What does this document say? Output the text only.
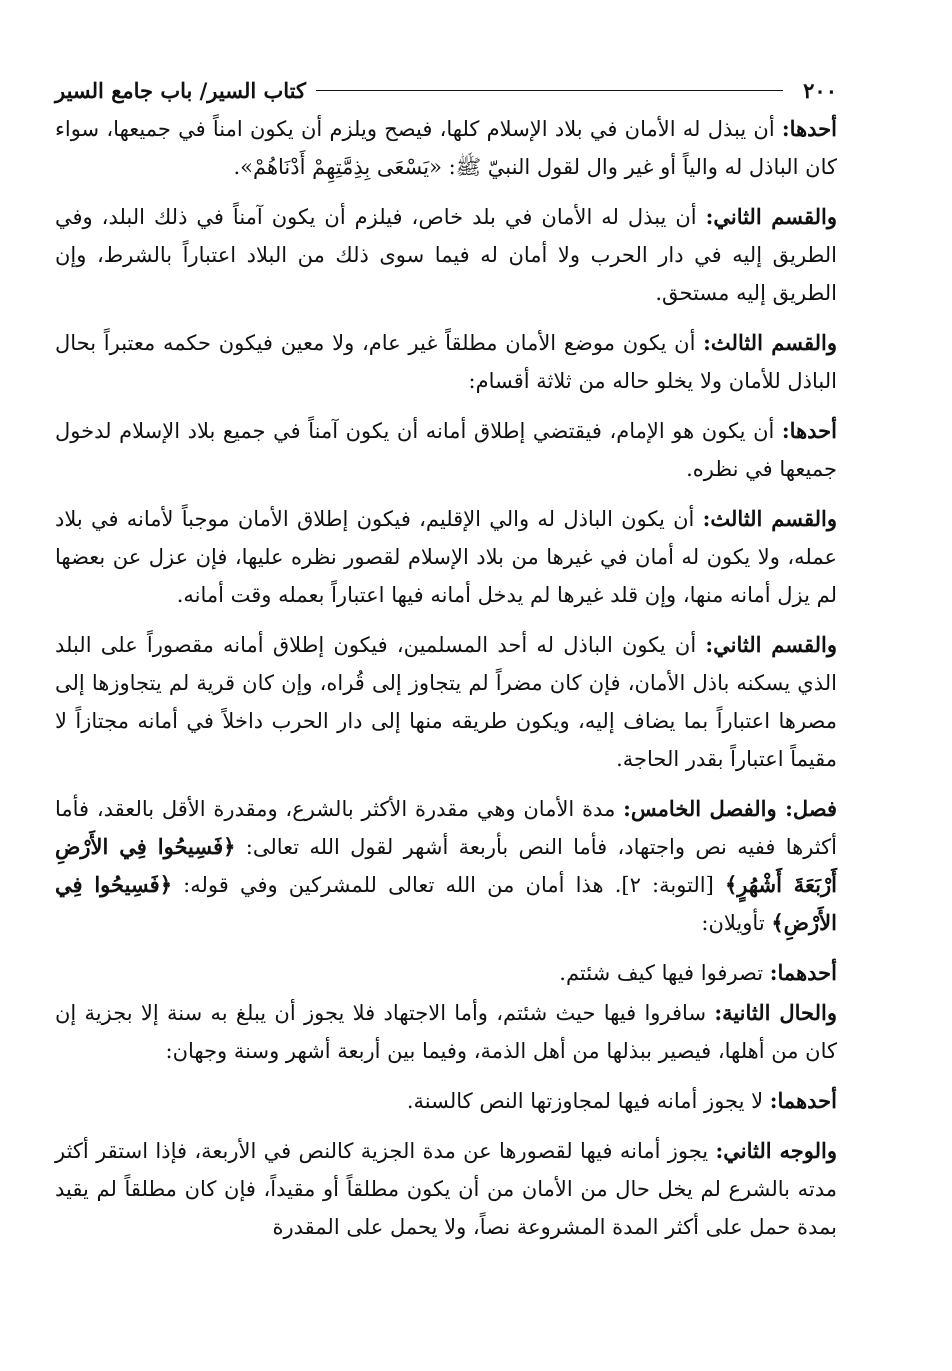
٢٠٠
كتاب السير/ باب جامع السير

أحدها: أن يبذل له الأمان في بلاد الإسلام كلها، فيصح ويلزم أن يكون امناً في جميعها، سواء كان الباذل له والياً أو غير وال لقول النبيّ ﷺ: «يَسْعَى بِذِمَّتِهِمْ أَدْنَاهُمْ».

والقسم الثاني: أن يبذل له الأمان في بلد خاص، فيلزم أن يكون آمناً في ذلك البلد، وفي الطريق إليه في دار الحرب ولا أمان له فيما سوى ذلك من البلاد اعتباراً بالشرط، وإن الطريق إليه مستحق.

والقسم الثالث: أن يكون موضع الأمان مطلقاً غير عام، ولا معين فيكون حكمه معتبراً بحال الباذل للأمان ولا يخلو حاله من ثلاثة أقسام:

أحدها: أن يكون هو الإمام، فيقتضي إطلاق أمانه أن يكون آمناً في جميع بلاد الإسلام لدخول جميعها في نظره.

والقسم الثالث: أن يكون الباذل له والي الإقليم، فيكون إطلاق الأمان موجباً لأمانه في بلاد عمله، ولا يكون له أمان في غيرها من بلاد الإسلام لقصور نظره عليها، فإن عزل عن بعضها لم يزل أمانه منها، وإن قلد غيرها لم يدخل أمانه فيها اعتباراً بعمله وقت أمانه.

والقسم الثاني: أن يكون الباذل له أحد المسلمين، فيكون إطلاق أمانه مقصوراً على البلد الذي يسكنه باذل الأمان، فإن كان مضراً لم يتجاوز إلى قُراه، وإن كان قرية لم يتجاوزها إلى مصرها اعتباراً بما يضاف إليه، ويكون طريقه منها إلى دار الحرب داخلاً في أمانه مجتازاً لا مقيماً اعتباراً بقدر الحاجة.

فصل: والفصل الخامس: مدة الأمان وهي مقدرة الأكثر بالشرع، ومقدرة الأقل بالعقد، فأما أكثرها ففيه نص واجتهاد، فأما النص بأربعة أشهر لقول الله تعالى: ﴿فَسِيحُوا فِي الأَرْضِ أَرْبَعَةَ أَشْهُرٍ﴾ [التوبة: ٢]. هذا أمان من الله تعالى للمشركين وفي قوله: ﴿فَسِيحُوا فِي الأَرْضِ﴾ تأويلان:

أحدهما: تصرفوا فيها كيف شئتم.

والحال الثانية: سافروا فيها حيث شئتم، وأما الاجتهاد فلا يجوز أن يبلغ به سنة إلا بجزية إن كان من أهلها، فيصير ببذلها من أهل الذمة، وفيما بين أربعة أشهر وسنة وجهان:

أحدهما: لا يجوز أمانه فيها لمجاوزتها النص كالسنة.

والوجه الثاني: يجوز أمانه فيها لقصورها عن مدة الجزية كالنص في الأربعة، فإذا استقر أكثر مدته بالشرع لم يخل حال من الأمان من أن يكون مطلقاً أو مقيداً، فإن كان مطلقاً لم يقيد بمدة حمل على أكثر المدة المشروعة نصاً، ولا يحمل على المقدرة
